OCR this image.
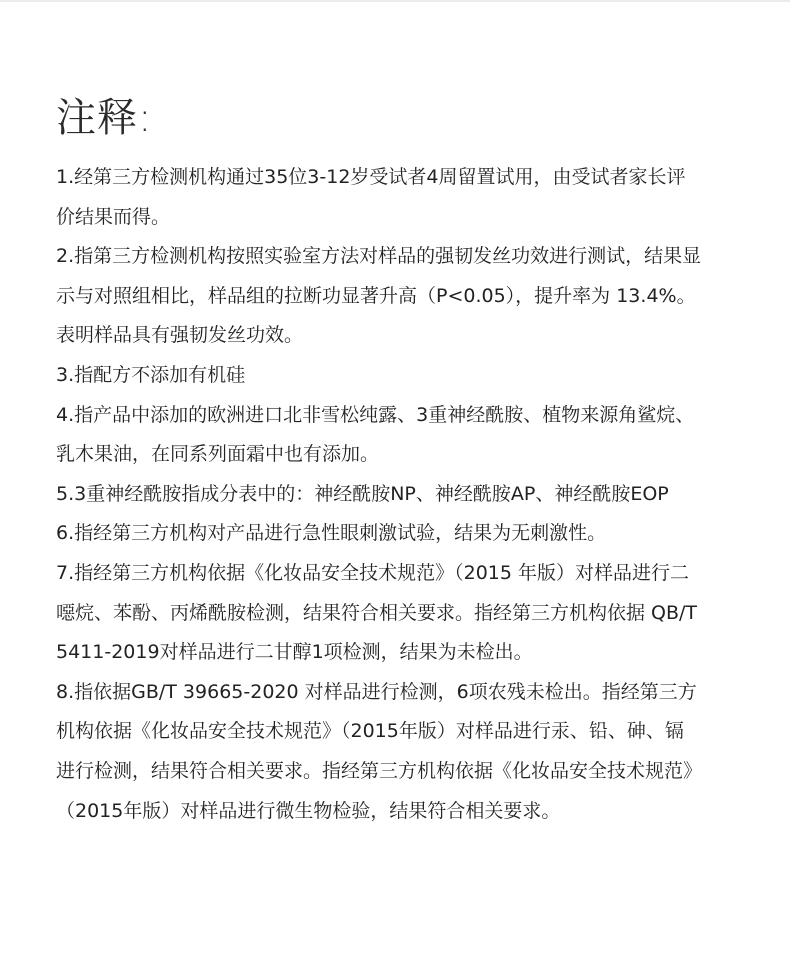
注释:

1.经第三方检测机构通过35位3-12岁受试者4周留置试用，由受试者家长评
价结果而得。

2.指第三方检测机构按照实验室方法对样品的强韧发丝功效进行测试，结果显
示与对照组相比，样品组的拉断功显著升高（P<0.05），提升率为 13.4%。
表明样品具有强韧发丝功效。

3.指配方不添加有机硅

4.指产品中添加的欧洲进口北非雪松纯露、3重神经酰胺、植物来源角鲨烷、
乳木果油，在同系列面霜中也有添加。

5.3重神经酰胺指成分表中的：神经酰胺NP、神经酰胺AP、神经酰胺EOP

6.指经第三方机构对产品进行急性眼刺激试验，结果为无刺激性。

7.指经第三方机构依据《化妆品安全技术规范》（2015 年版）对样品进行二
噁烷、苯酚、丙烯酰胺检测，结果符合相关要求。指经第三方机构依据 QB/T
5411-2019对样品进行二甘醇1项检测，结果为未检出。

8.指依据GB/T 39665-2020 对样品进行检测，6项农残未检出。指经第三方
机构依据《化妆品安全技术规范》（2015年版）对样品进行汞、铅、砷、镉
进行检测，结果符合相关要求。指经第三方机构依据《化妆品安全技术规范》
（2015年版）对样品进行微生物检验，结果符合相关要求。
